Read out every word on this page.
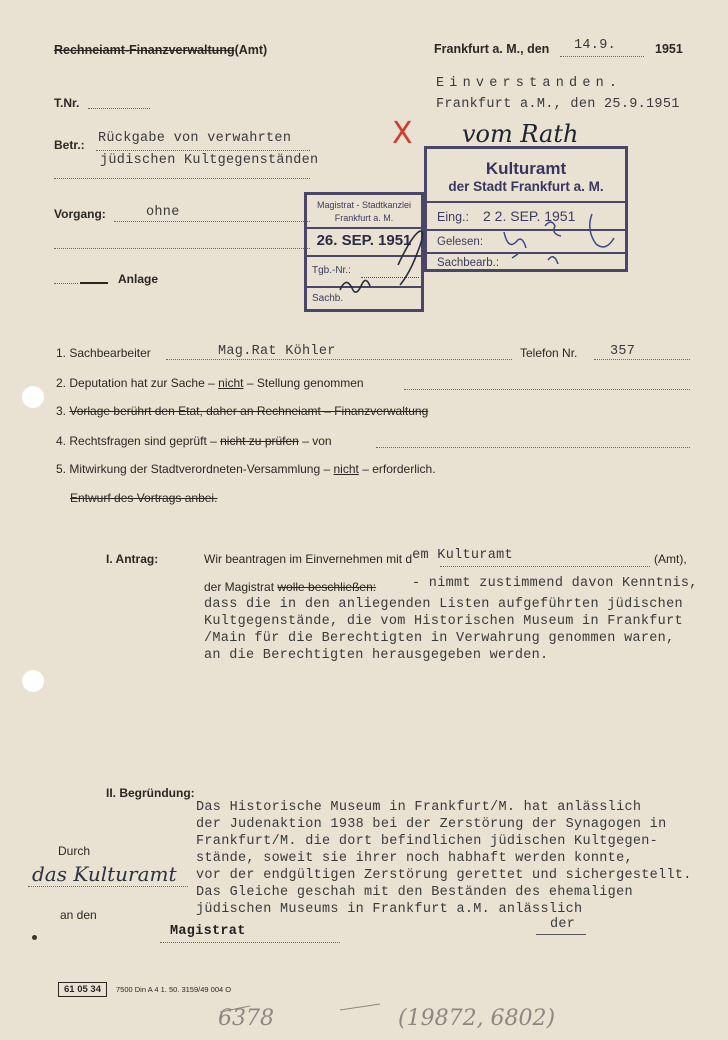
Rechneiamt-Finanzverwaltung(Amt)	Frankfurt a. M., den 14.9.	1951
Einverstanden.
Frankfurt a.M., den 25.9.1951
X vom Rath
T.Nr.
Betr.: Rückgabe von verwahrten
jüdischen Kultgegenständen
Vorgang:	ohne
Anlage
Magistrat - Stadtkanzlei
Frankfurt a. M.
26. SEP. 1951
Tgb.-Nr.:
Sachb.
Kulturamt
der Stadt Frankfurt a. M.
Eing.: 2 2. SEP. 1951
Gelesen:
Sachbearb.:
1. Sachbearbeiter	Mag.Rat Köhler	Telefon Nr. 357
2. Deputation hat zur Sache – nicht – Stellung genommen
3. Vorlage berührt den Etat, daher an Rechneiamt – Finanzverwaltung
4. Rechtsfragen sind geprüft – nicht zu prüfen – von
5. Mitwirkung der Stadtverordneten-Versammlung – nicht – erforderlich.
Entwurf des Vortrags anbei.
I. Antrag:	Wir beantragen im Einvernehmen mit dem Kulturamt	(Amt),
der Magistrat wolle beschließen:	- nimmt zustimmend davon Kenntnis,
dass die in den anliegenden Listen aufgeführten jüdischen
Kultgegenstände, die vom Historischen Museum in Frankfurt
/Main für die Berechtigten in Verwahrung genommen waren,
an die Berechtigten herausgegeben werden.
II. Begründung:
Das Historische Museum in Frankfurt/M. hat anlässlich
der Judenaktion 1938 bei der Zerstörung der Synagogen in
Frankfurt/M. die dort befindlichen jüdischen Kultgegen-
stände, soweit sie ihrer noch habhaft werden konnte,
vor der endgültigen Zerstörung gerettet und sichergestellt.
Das Gleiche geschah mit den Beständen des ehemaligen
jüdischen Museums in Frankfurt a.M. anlässlich
der
Durch
das Kulturamt
an den
Magistrat
61 05 34	7500 Din A 4 1. 50. 3159/49 004 O
6378	(19872, 6802)
